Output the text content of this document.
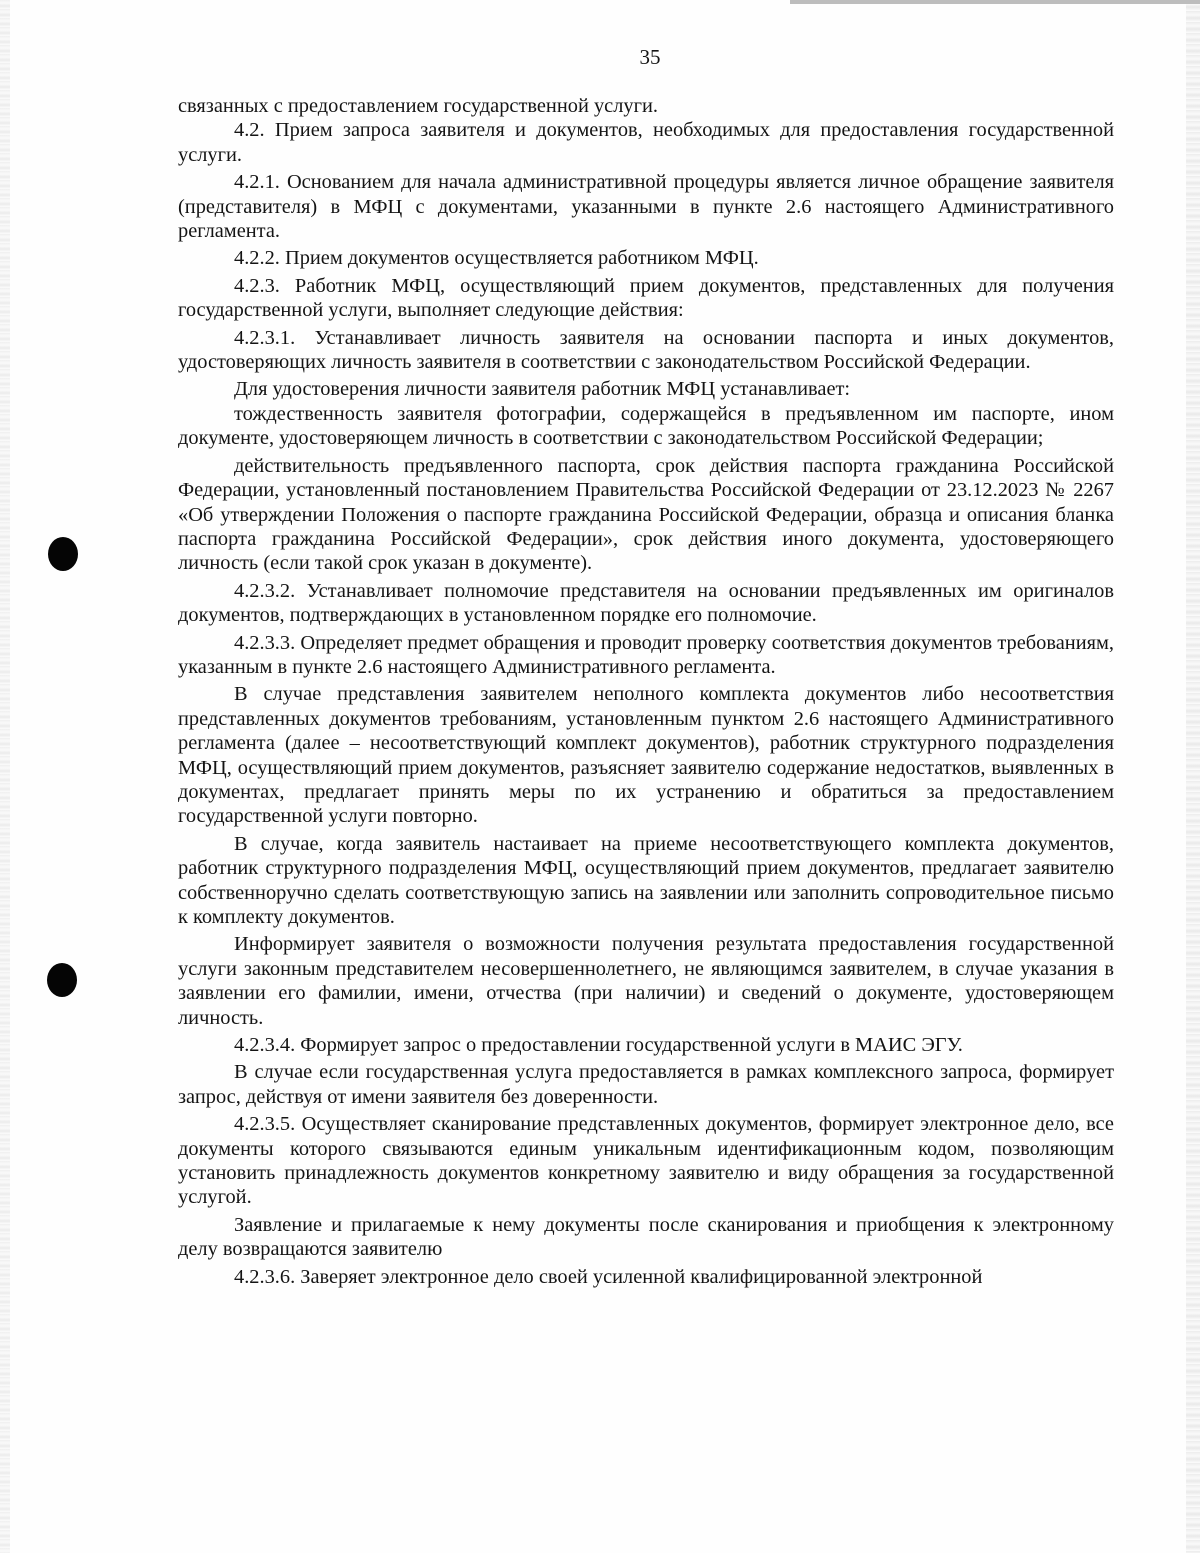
35

связанных с предоставлением государственной услуги.

4.2. Прием запроса заявителя и документов, необходимых для предоставления государственной услуги.

4.2.1. Основанием для начала административной процедуры является личное обращение заявителя (представителя) в МФЦ с документами, указанными в пункте 2.6 настоящего Административного регламента.

4.2.2. Прием документов осуществляется работником МФЦ.

4.2.3. Работник МФЦ, осуществляющий прием документов, представленных для получения государственной услуги, выполняет следующие действия:

4.2.3.1. Устанавливает личность заявителя на основании паспорта и иных документов, удостоверяющих личность заявителя в соответствии с законодательством Российской Федерации.

Для удостоверения личности заявителя работник МФЦ устанавливает:

тождественность заявителя фотографии, содержащейся в предъявленном им паспорте, ином документе, удостоверяющем личность в соответствии с законодательством Российской Федерации;

действительность предъявленного паспорта, срок действия паспорта гражданина Российской Федерации, установленный постановлением Правительства Российской Федерации от 23.12.2023 № 2267 «Об утверждении Положения о паспорте гражданина Российской Федерации, образца и описания бланка паспорта гражданина Российской Федерации», срок действия иного документа, удостоверяющего личность (если такой срок указан в документе).

4.2.3.2. Устанавливает полномочие представителя на основании предъявленных им оригиналов документов, подтверждающих в установленном порядке его полномочие.

4.2.3.3. Определяет предмет обращения и проводит проверку соответствия документов требованиям, указанным в пункте 2.6 настоящего Административного регламента.

В случае представления заявителем неполного комплекта документов либо несоответствия представленных документов требованиям, установленным пунктом 2.6 настоящего Административного регламента (далее – несоответствующий комплект документов), работник структурного подразделения МФЦ, осуществляющий прием документов, разъясняет заявителю содержание недостатков, выявленных в документах, предлагает принять меры по их устранению и обратиться за предоставлением государственной услуги повторно.

В случае, когда заявитель настаивает на приеме несоответствующего комплекта документов, работник структурного подразделения МФЦ, осуществляющий прием документов, предлагает заявителю собственноручно сделать соответствующую запись на заявлении или заполнить сопроводительное письмо к комплекту документов.

Информирует заявителя о возможности получения результата предоставления государственной услуги законным представителем несовершеннолетнего, не являющимся заявителем, в случае указания в заявлении его фамилии, имени, отчества (при наличии) и сведений о документе, удостоверяющем личность.

4.2.3.4. Формирует запрос о предоставлении государственной услуги в МАИС ЭГУ.

В случае если государственная услуга предоставляется в рамках комплексного запроса, формирует запрос, действуя от имени заявителя без доверенности.

4.2.3.5. Осуществляет сканирование представленных документов, формирует электронное дело, все документы которого связываются единым уникальным идентификационным кодом, позволяющим установить принадлежность документов конкретному заявителю и виду обращения за государственной услугой.

Заявление и прилагаемые к нему документы после сканирования и приобщения к электронному делу возвращаются заявителю

4.2.3.6. Заверяет электронное дело своей усиленной квалифицированной электронной
